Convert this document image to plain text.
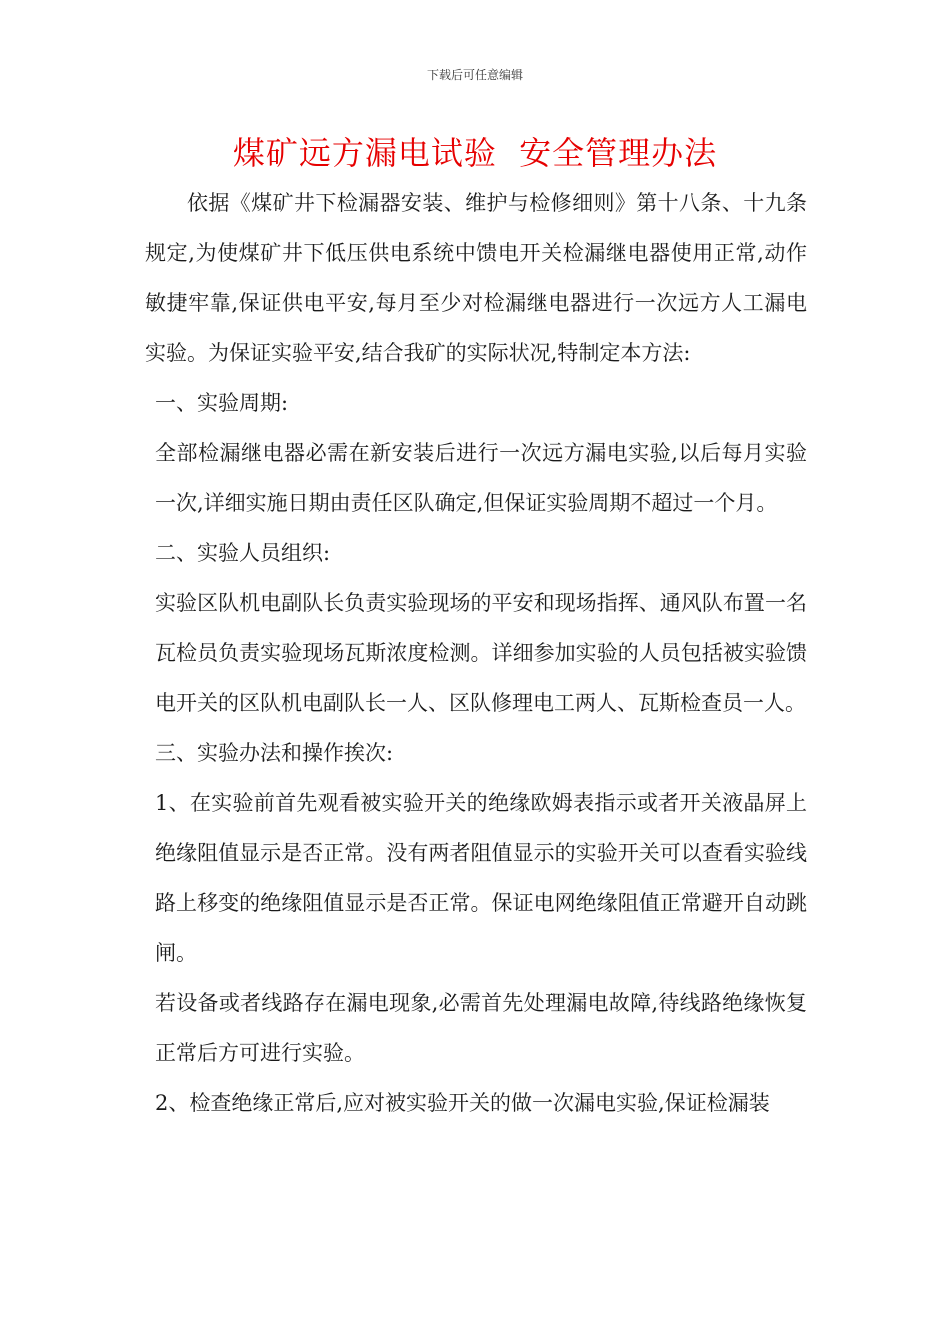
下载后可任意编辑
煤矿远方漏电试验  安全管理办法

依据《煤矿井下检漏器安装、维护与检修细则》第十八条、十九条规定,为使煤矿井下低压供电系统中馈电开关检漏继电器使用正常,动作敏捷牢靠,保证供电平安,每月至少对检漏继电器进行一次远方人工漏电实验。为保证实验平安,结合我矿的实际状况,特制定本方法:

一、实验周期:

全部检漏继电器必需在新安装后进行一次远方漏电实验,以后每月实验一次,详细实施日期由责任区队确定,但保证实验周期不超过一个月。

二、实验人员组织:

实验区队机电副队长负责实验现场的平安和现场指挥、通风队布置一名瓦检员负责实验现场瓦斯浓度检测。详细参加实验的人员包括被实验馈电开关的区队机电副队长一人、区队修理电工两人、瓦斯检查员一人。

三、实验办法和操作挨次:

1、在实验前首先观看被实验开关的绝缘欧姆表指示或者开关液晶屏上绝缘阻值显示是否正常。没有两者阻值显示的实验开关可以查看实验线路上移变的绝缘阻值显示是否正常。保证电网绝缘阻值正常避开自动跳闸。

若设备或者线路存在漏电现象,必需首先处理漏电故障,待线路绝缘恢复正常后方可进行实验。

2、检查绝缘正常后,应对被实验开关的做一次漏电实验,保证检漏装
